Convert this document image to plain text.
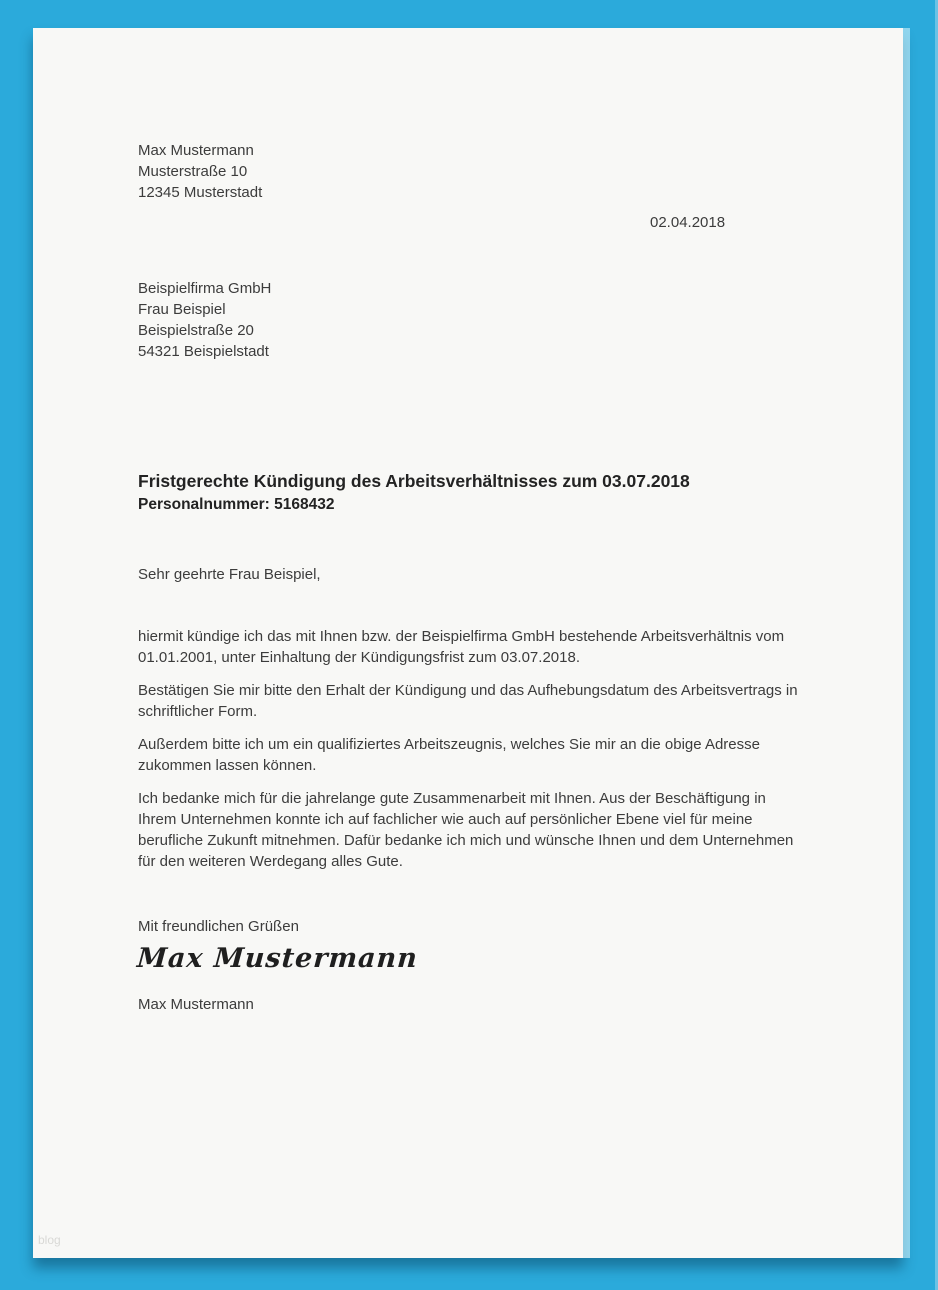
Max Mustermann
Musterstraße 10
12345 Musterstadt
02.04.2018
Beispielfirma GmbH
Frau Beispiel
Beispielstraße 20
54321 Beispielstadt
Fristgerechte Kündigung des Arbeitsverhältnisses zum 03.07.2018
Personalnummer: 5168432
Sehr geehrte Frau Beispiel,

hiermit kündige ich das mit Ihnen bzw. der Beispielfirma GmbH bestehende Arbeitsverhältnis vom 01.01.2001, unter Einhaltung der Kündigungsfrist zum 03.07.2018.

Bestätigen Sie mir bitte den Erhalt der Kündigung und das Aufhebungsdatum des Arbeitsvertrags in schriftlicher Form.

Außerdem bitte ich um ein qualifiziertes Arbeitszeugnis, welches Sie mir an die obige Adresse zukommen lassen können.

Ich bedanke mich für die jahrelange gute Zusammenarbeit mit Ihnen. Aus der Beschäftigung in Ihrem Unternehmen konnte ich auf fachlicher wie auch auf persönlicher Ebene viel für meine berufliche Zukunft mitnehmen. Dafür bedanke ich mich und wünsche Ihnen und dem Unternehmen für den weiteren Werdegang alles Gute.

Mit freundlichen Grüßen
Max Mustermann
Max Mustermann
blog
